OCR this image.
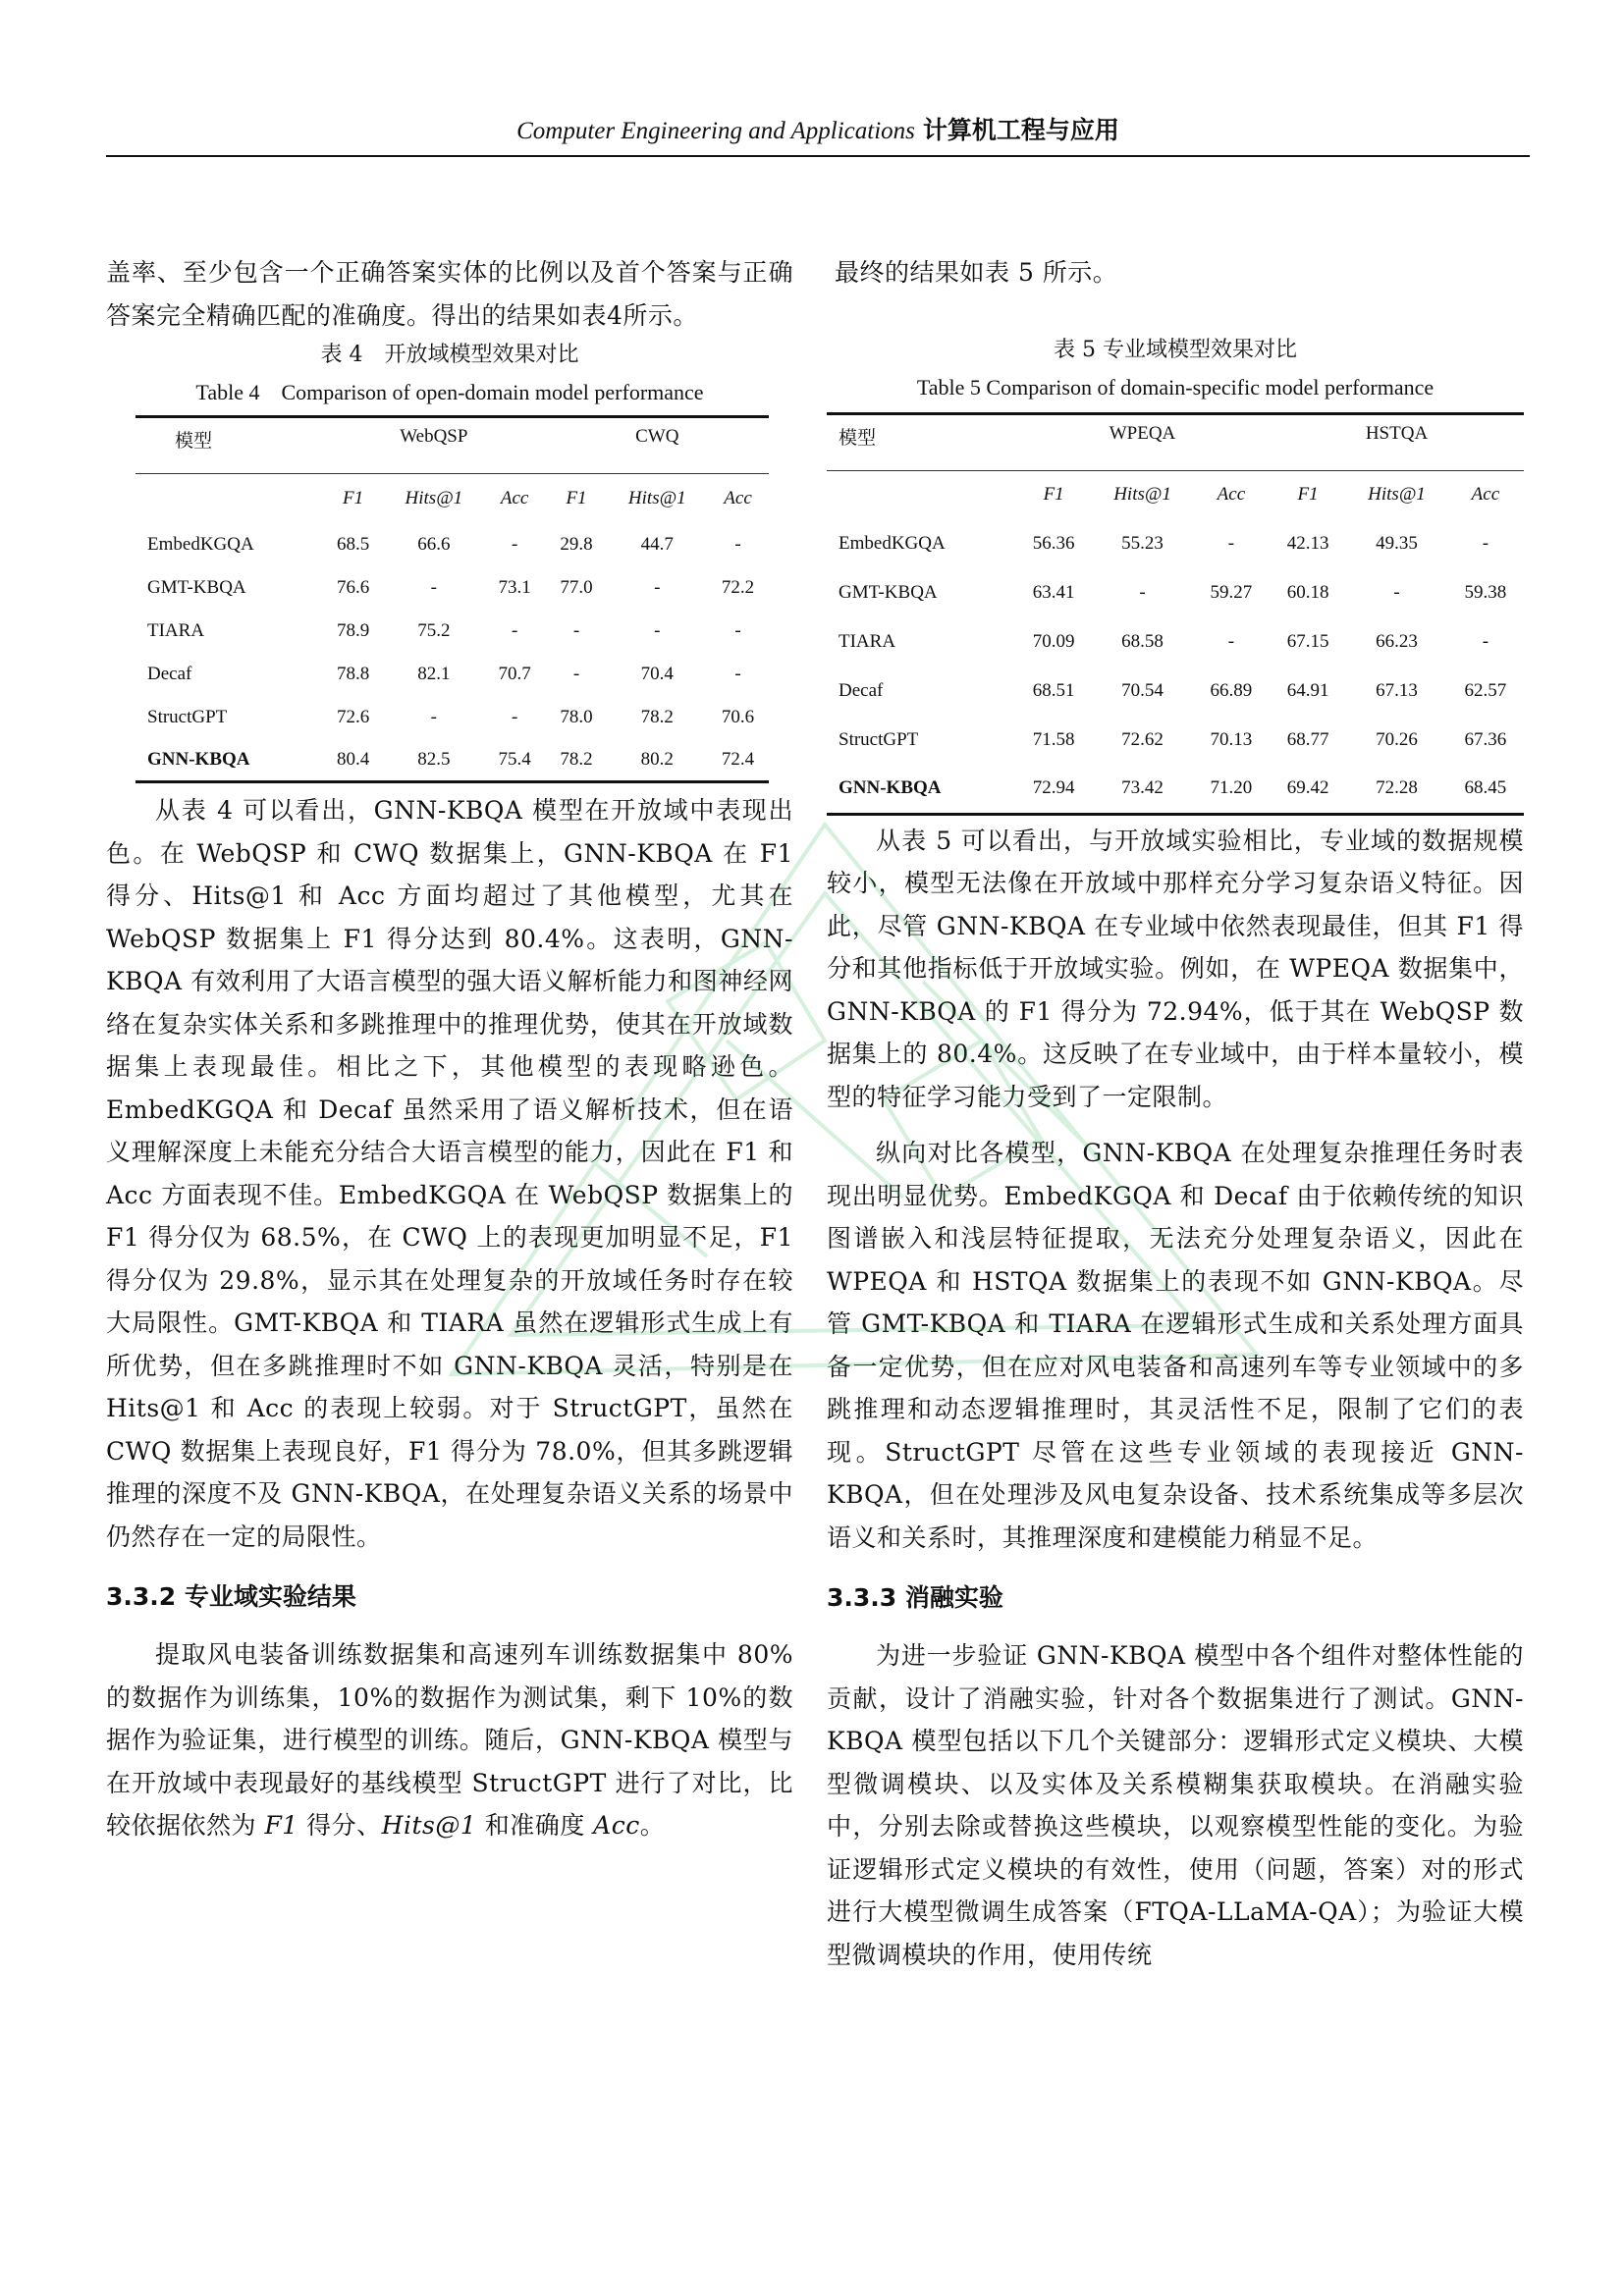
Computer Engineering and Applications 计算机工程与应用

盖率、至少包含一个正确答案实体的比例以及首个答案与正确答案完全精确匹配的准确度。得出的结果如表4所示。

表 4　开放域模型效果对比
Table 4　Comparison of open-domain model performance
模型	WebQSP			CWQ		
	F1	Hits@1	Acc	F1	Hits@1	Acc
EmbedKGQA	68.5	66.6	-	29.8	44.7	-
GMT-KBQA	76.6	-	73.1	77.0	-	72.2
TIARA	78.9	75.2	-	-	-	-
Decaf	78.8	82.1	70.7	-	70.4	-
StructGPT	72.6	-	-	78.0	78.2	70.6
GNN-KBQA	80.4	82.5	75.4	78.2	80.2	72.4

从表 4 可以看出，GNN-KBQA 模型在开放域中表现出色。在 WebQSP 和 CWQ 数据集上，GNN-KBQA 在 F1 得分、Hits@1 和 Acc 方面均超过了其他模型，尤其在 WebQSP 数据集上 F1 得分达到 80.4%。这表明，GNN-KBQA 有效利用了大语言模型的强大语义解析能力和图神经网络在复杂实体关系和多跳推理中的推理优势，使其在开放域数据集上表现最佳。相比之下，其他模型的表现略逊色。EmbedKGQA 和 Decaf 虽然采用了语义解析技术，但在语义理解深度上未能充分结合大语言模型的能力，因此在 F1 和 Acc 方面表现不佳。EmbedKGQA 在 WebQSP 数据集上的 F1 得分仅为 68.5%，在 CWQ 上的表现更加明显不足，F1 得分仅为 29.8%，显示其在处理复杂的开放域任务时存在较大局限性。GMT-KBQA 和 TIARA 虽然在逻辑形式生成上有所优势，但在多跳推理时不如 GNN-KBQA 灵活，特别是在 Hits@1 和 Acc 的表现上较弱。对于 StructGPT，虽然在 CWQ 数据集上表现良好，F1 得分为 78.0%，但其多跳逻辑推理的深度不及 GNN-KBQA，在处理复杂语义关系的场景中仍然存在一定的局限性。

3.3.2 专业域实验结果

提取风电装备训练数据集和高速列车训练数据集中 80%的数据作为训练集，10%的数据作为测试集，剩下 10%的数据作为验证集，进行模型的训练。随后，GNN-KBQA 模型与在开放域中表现最好的基线模型 StructGPT 进行了对比，比较依据依然为 F1 得分、Hits@1 和准确度 Acc。

最终的结果如表 5 所示。

表 5 专业域模型效果对比
Table 5 Comparison of domain-specific model performance
模型	WPEQA			HSTQA		
	F1	Hits@1	Acc	F1	Hits@1	Acc
EmbedKGQA	56.36	55.23	-	42.13	49.35	-
GMT-KBQA	63.41	-	59.27	60.18	-	59.38
TIARA	70.09	68.58	-	67.15	66.23	-
Decaf	68.51	70.54	66.89	64.91	67.13	62.57
StructGPT	71.58	72.62	70.13	68.77	70.26	67.36
GNN-KBQA	72.94	73.42	71.20	69.42	72.28	68.45

从表 5 可以看出，与开放域实验相比，专业域的数据规模较小，模型无法像在开放域中那样充分学习复杂语义特征。因此，尽管 GNN-KBQA 在专业域中依然表现最佳，但其 F1 得分和其他指标低于开放域实验。例如，在 WPEQA 数据集中，GNN-KBQA 的 F1 得分为 72.94%，低于其在 WebQSP 数据集上的 80.4%。这反映了在专业域中，由于样本量较小，模型的特征学习能力受到了一定限制。

纵向对比各模型，GNN-KBQA 在处理复杂推理任务时表现出明显优势。EmbedKGQA 和 Decaf 由于依赖传统的知识图谱嵌入和浅层特征提取，无法充分处理复杂语义，因此在 WPEQA 和 HSTQA 数据集上的表现不如 GNN-KBQA。尽管 GMT-KBQA 和 TIARA 在逻辑形式生成和关系处理方面具备一定优势，但在应对风电装备和高速列车等专业领域中的多跳推理和动态逻辑推理时，其灵活性不足，限制了它们的表现。StructGPT 尽管在这些专业领域的表现接近 GNN-KBQA，但在处理涉及风电复杂设备、技术系统集成等多层次语义和关系时，其推理深度和建模能力稍显不足。

3.3.3 消融实验

为进一步验证 GNN-KBQA 模型中各个组件对整体性能的贡献，设计了消融实验，针对各个数据集进行了测试。GNN-KBQA 模型包括以下几个关键部分：逻辑形式定义模块、大模型微调模块、以及实体及关系模糊集获取模块。在消融实验中，分别去除或替换这些模块，以观察模型性能的变化。为验证逻辑形式定义模块的有效性，使用（问题，答案）对的形式进行大模型微调生成答案（FTQA-LLaMA-QA）；为验证大模型微调模块的作用，使用传统
